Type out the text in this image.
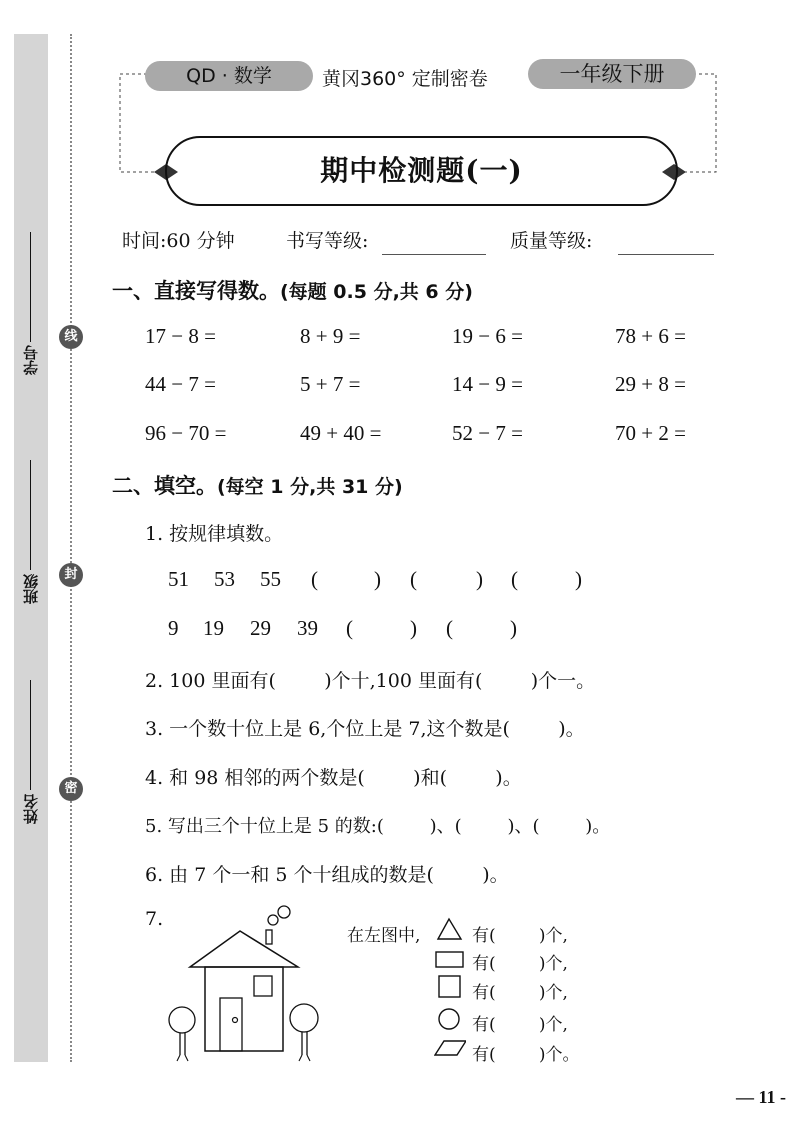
学号
班级
姓名
线
封
密
QD · 数学	黄冈360° 定制密卷	一年级下册
期中检测题(一)
时间:60 分钟	书写等级:	质量等级:
一、直接写得数。(每题 0.5 分,共 6 分)
17 − 8 =	8 + 9 =	19 − 6 =	78 + 6 =
44 − 7 =	5 + 7 =	14 − 9 =	29 + 8 =
96 − 70 =	49 + 40 =	52 − 7 =	70 + 2 =
二、填空。(每空 1 分,共 31 分)
1. 按规律填数。
51 53 55 (	) (	) (	)
9 19 29 39 (	) (	)
2. 100 里面有(        )个十,100 里面有(        )个一。
3. 一个数十位上是 6,个位上是 7,这个数是(        )。
4. 和 98 相邻的两个数是(        )和(        )。
5. 写出三个十位上是 5 的数:(        )、(        )、(        )。
6. 由 7 个一和 5 个十组成的数是(        )。
7.
在左图中,	有(        )个,
有(        )个,
有(        )个,
有(        )个,
有(        )个。
— 11 -
